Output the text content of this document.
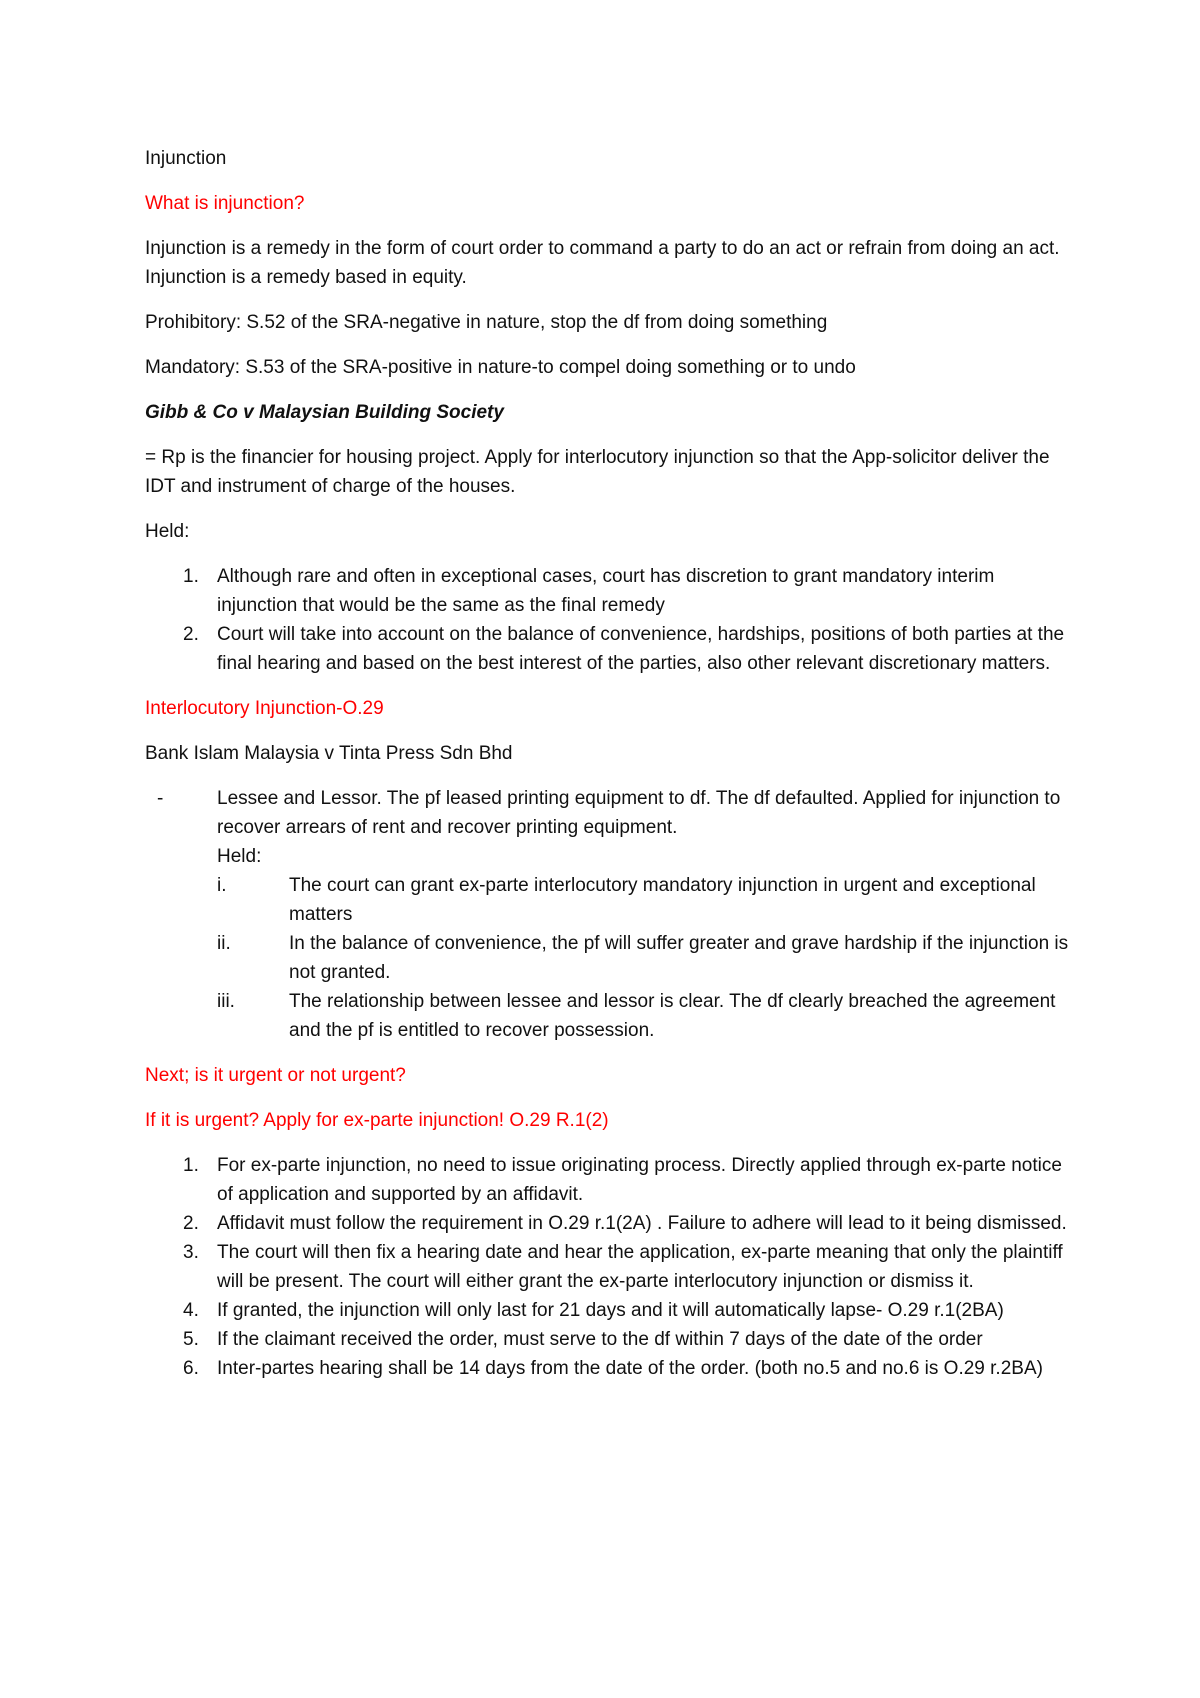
Injunction

What is injunction?

Injunction is a remedy in the form of court order to command a party to do an act or refrain from doing an act. Injunction is a remedy based in equity.

Prohibitory: S.52 of the SRA-negative in nature, stop the df from doing something

Mandatory: S.53 of the SRA-positive in nature-to compel doing something or to undo

Gibb & Co v Malaysian Building Society

= Rp is the financier for housing project. Apply for interlocutory injunction so that the App-solicitor deliver the IDT and instrument of charge of the houses.

Held:

1. Although rare and often in exceptional cases, court has discretion to grant mandatory interim injunction that would be the same as the final remedy
2. Court will take into account on the balance of convenience, hardships, positions of both parties at the final hearing and based on the best interest of the parties, also other relevant discretionary matters.

Interlocutory Injunction-O.29

Bank Islam Malaysia v Tinta Press Sdn Bhd

-	Lessee and Lessor. The pf leased printing equipment to df. The df defaulted. Applied for injunction to recover arrears of rent and recover printing equipment.
Held:
i.	The court can grant ex-parte interlocutory mandatory injunction in urgent and exceptional matters
ii.	In the balance of convenience, the pf will suffer greater and grave hardship if the injunction is not granted.
iii.	The relationship between lessee and lessor is clear. The df clearly breached the agreement and the pf is entitled to recover possession.

Next; is it urgent or not urgent?

If it is urgent? Apply for ex-parte injunction! O.29 R.1(2)

1. For ex-parte injunction, no need to issue originating process. Directly applied through ex-parte notice of application and supported by an affidavit.
2. Affidavit must follow the requirement in O.29 r.1(2A) . Failure to adhere will lead to it being dismissed.
3. The court will then fix a hearing date and hear the application, ex-parte meaning that only the plaintiff will be present. The court will either grant the ex-parte interlocutory injunction or dismiss it.
4. If granted, the injunction will only last for 21 days and it will automatically lapse- O.29 r.1(2BA)
5. If the claimant received the order, must serve to the df within 7 days of the date of the order
6. Inter-partes hearing shall be 14 days from the date of the order. (both no.5 and no.6 is O.29 r.2BA)
